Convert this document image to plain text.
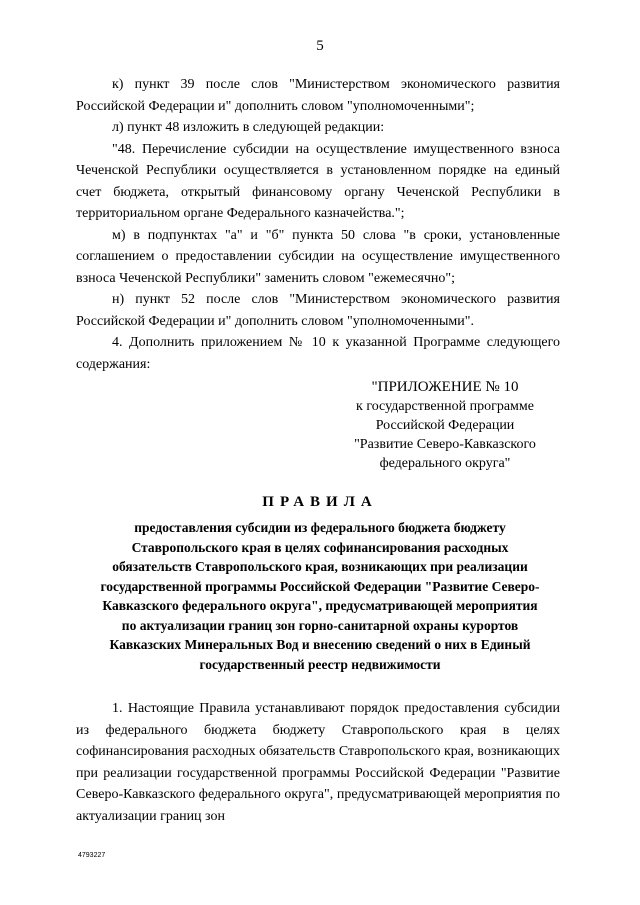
5

к) пункт 39 после слов "Министерством экономического развития Российской Федерации и" дополнить словом "уполномоченными";

л) пункт 48 изложить в следующей редакции:

"48. Перечисление субсидии на осуществление имущественного взноса Чеченской Республики осуществляется в установленном порядке на единый счет бюджета, открытый финансовому органу Чеченской Республики в территориальном органе Федерального казначейства.";

м) в подпунктах "а" и "б" пункта 50 слова "в сроки, установленные соглашением о предоставлении субсидии на осуществление имущественного взноса Чеченской Республики" заменить словом "ежемесячно";

н) пункт 52 после слов "Министерством экономического развития Российской Федерации и" дополнить словом "уполномоченными".

4. Дополнить приложением № 10 к указанной Программе следующего содержания:

"ПРИЛОЖЕНИЕ № 10
к государственной программе
Российской Федерации
"Развитие Северо-Кавказского
федерального округа"
ПРАВИЛА
предоставления субсидии из федерального бюджета бюджету Ставропольского края в целях софинансирования расходных обязательств Ставропольского края, возникающих при реализации государственной программы Российской Федерации "Развитие Северо-Кавказского федерального округа", предусматривающей мероприятия по актуализации границ зон горно-санитарной охраны курортов Кавказских Минеральных Вод и внесению сведений о них в Единый государственный реестр недвижимости

1. Настоящие Правила устанавливают порядок предоставления субсидии из федерального бюджета бюджету Ставропольского края в целях софинансирования расходных обязательств Ставропольского края, возникающих при реализации государственной программы Российской Федерации "Развитие Северо-Кавказского федерального округа", предусматривающей мероприятия по актуализации границ зон

4793227
